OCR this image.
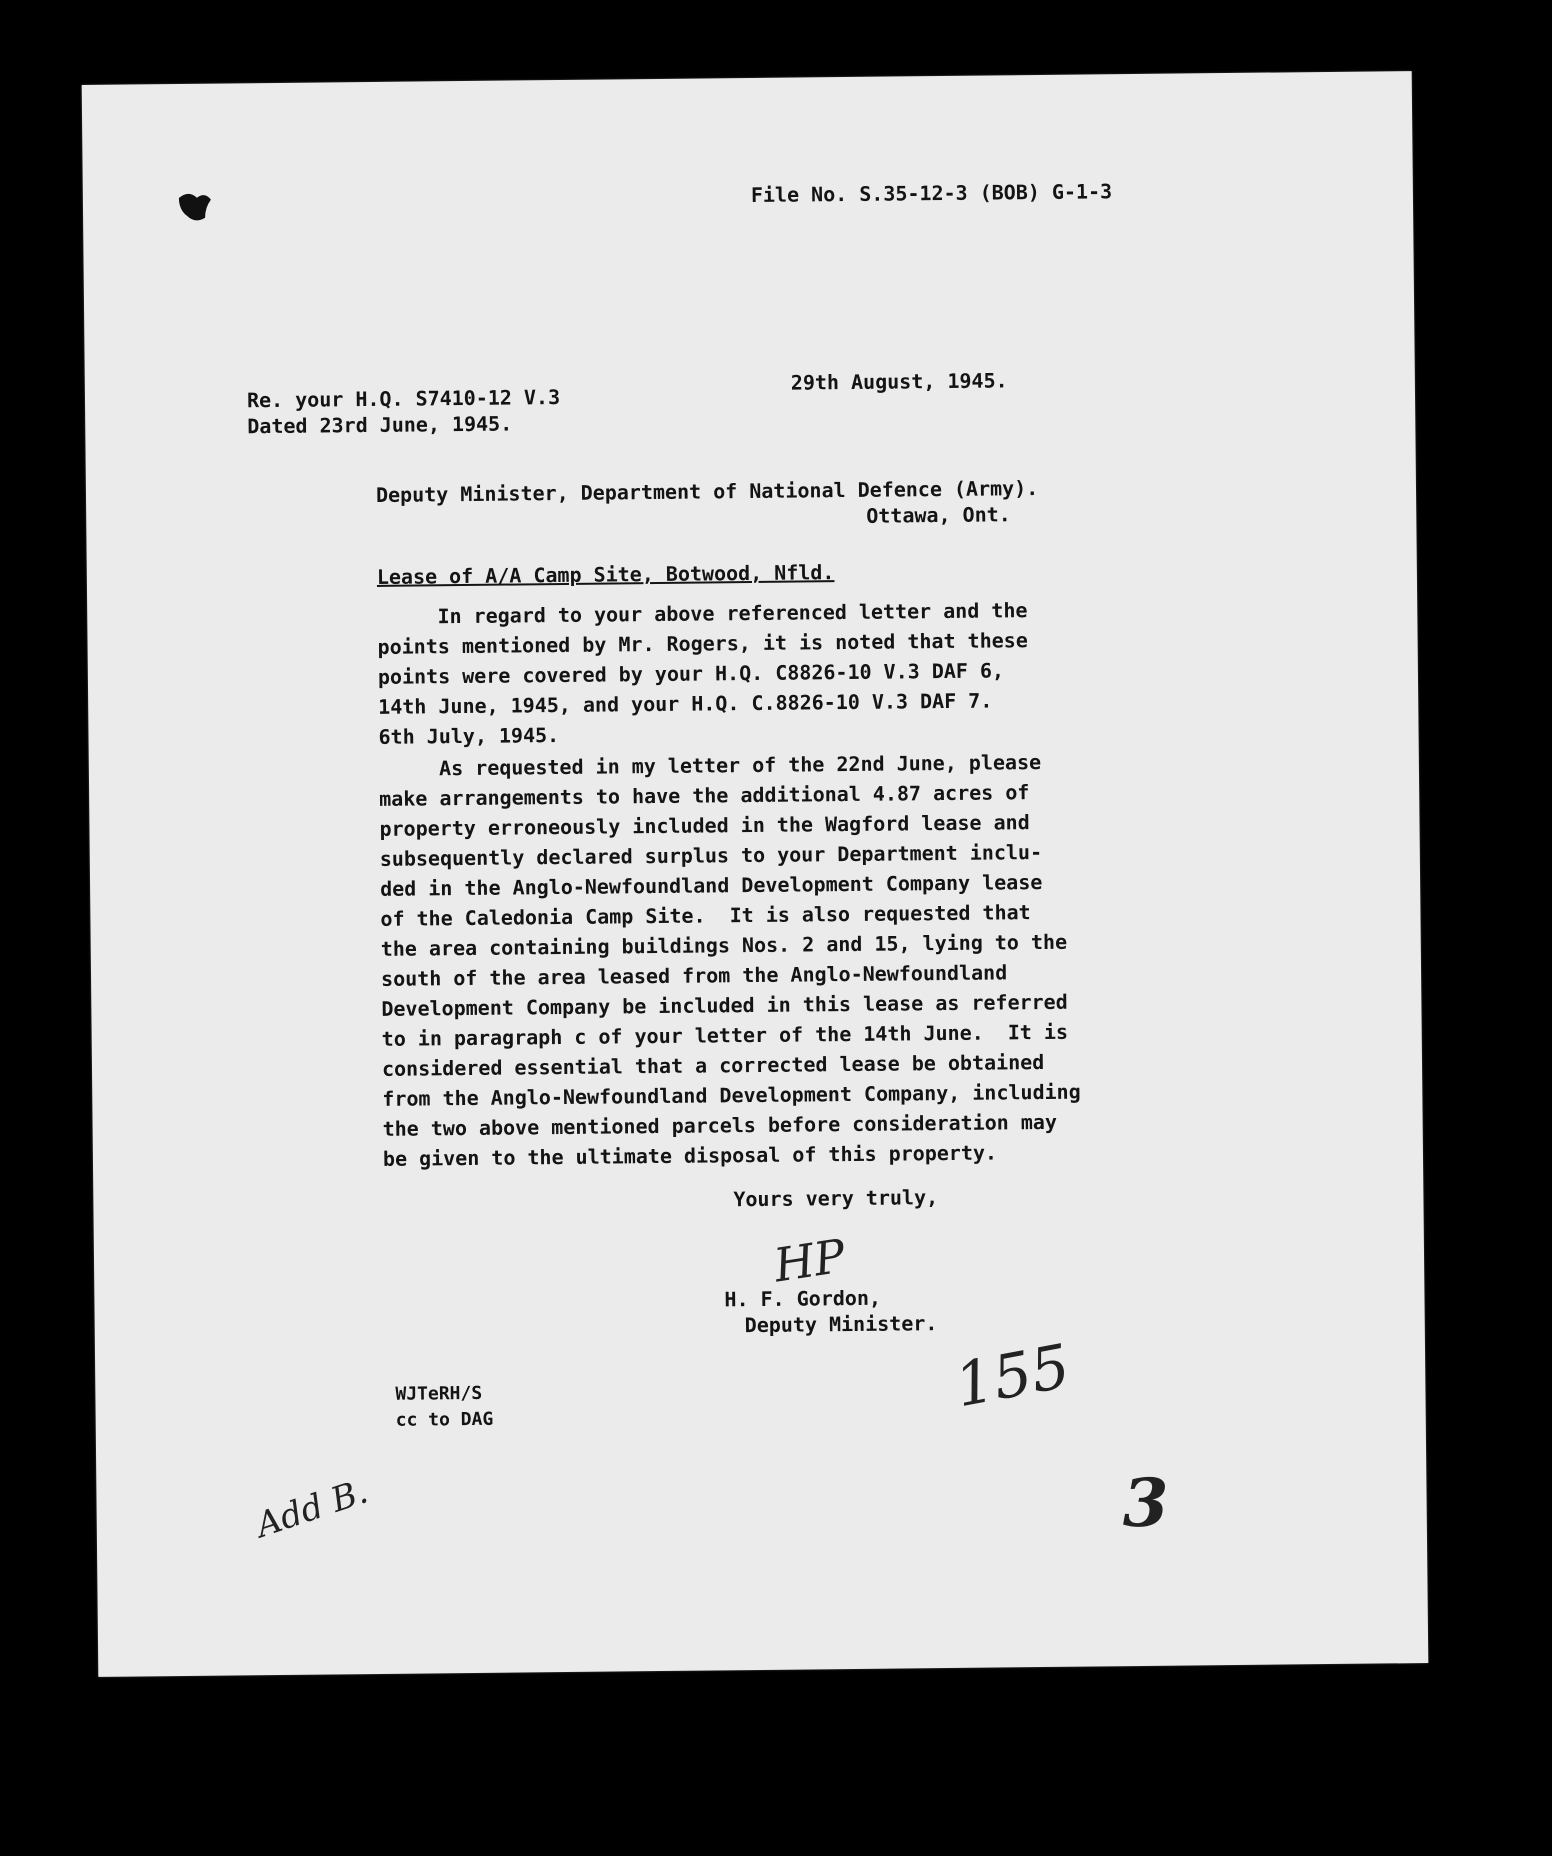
File No. S.35-12-3 (BOB) G-1-3

Re. your H.Q. S7410-12 V.3

Dated 23rd June, 1945.

29th August, 1945.

Deputy Minister, Department of National Defence (Army).

Ottawa, Ont.

Lease of A/A Camp Site, Botwood, Nfld.

In regard to your above referenced letter and the

points mentioned by Mr. Rogers, it is noted that these

points were covered by your H.Q. C8826-10 V.3 DAF 6,

14th June, 1945, and your H.Q. C.8826-10 V.3 DAF 7.

6th July, 1945.

As requested in my letter of the 22nd June, please

make arrangements to have the additional 4.87 acres of

property erroneously included in the Wagford lease and

subsequently declared surplus to your Department inclu-

ded in the Anglo-Newfoundland Development Company lease

of the Caledonia Camp Site.  It is also requested that

the area containing buildings Nos. 2 and 15, lying to the

south of the area leased from the Anglo-Newfoundland

Development Company be included in this lease as referred

to in paragraph c of your letter of the 14th June.  It is

considered essential that a corrected lease be obtained

from the Anglo-Newfoundland Development Company, including

the two above mentioned parcels before consideration may

be given to the ultimate disposal of this property.

Yours very truly,

HP

H. F. Gordon,

Deputy Minister.

WJTeRH/S

cc to DAG	155
Add B.	3
